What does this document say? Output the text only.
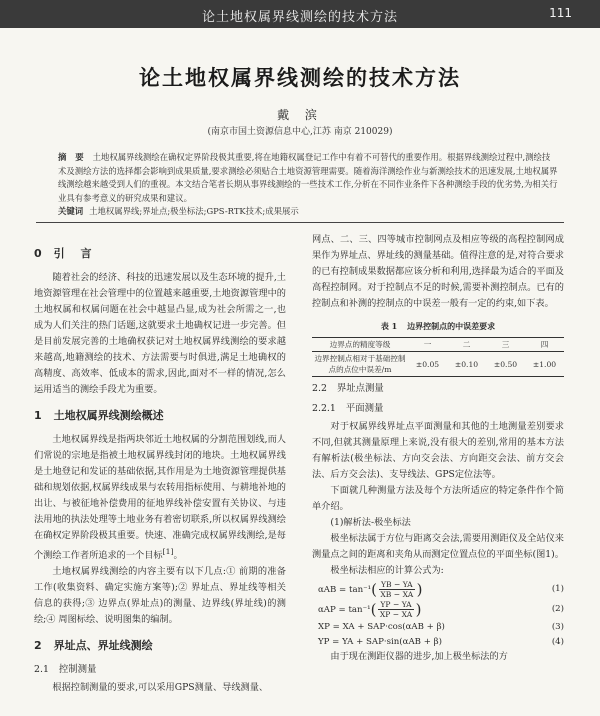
论土地权属界线测绘的技术方法	111
论土地权属界线测绘的技术方法
戴 滨
(南京市国土资源信息中心,江苏 南京 210029)
摘 要 土地权属界线测绘在确权定界阶段极其重要,将在地籍权属登记工作中有着不可替代的重要作用。根据界线测绘过程中,测绘技术及测绘方法的选择都会影响到成果质量,要求测绘必须贴合土地资源管理需要。随着海洋测绘作业与新测绘技术的迅速发展,土地权属界线测绘越来越受到人们的重视。本文结合笔者长期从事界线测绘的一些技术工作,分析在不同作业条件下各种测绘手段的优劣势,为相关行业具有参考意义的研究成果和建议。
关键词 土地权属界线;界址点;极坐标法;GPS-RTK技术;成果展示
0 引 言

随着社会的经济、科技的迅速发展以及生态环境的提升,土地资源管理在社会管理中的位置越来越重要,土地资源管理中的土地权属和权属问题在社会中越显凸显,成为社会所需之一,也成为人们关注的热门话题,这就要求土地确权记进一步完善。但是目前发展完善的土地确权获记对土地权属界线测绘的要求越来越高,地籍测绘的技术、方法需要与时俱进,满足土地确权的高精度、高效率、低成本的需求,因此,面对不一样的情况,怎么运用适当的测绘手段尤为重要。

1 土地权属界线测绘概述

土地权属界线是指两块邻近土地权属的分割范围划线,而人们常说的宗地是指被土地权属界线封闭的地块。土地权属界线是土地登记和发证的基础依据,其作用是为土地资源管理提供基础和规划依据,权属界线成果与农转用指标使用、与耕地补地的出让、与被征地补偿费用的征地界线补偿安置有关协议、与违法用地的执法处理等土地业务有着密切联系,所以权属界线测绘在确权定界阶段极其重要。快速、准确完成权属界线测绘,是每个测绘工作者所追求的一个目标[1]。

土地权属界线测绘的内容主要有以下几点:① 前期的准备工作(收集资料、确定实施方案等);② 界址点、界址线等相关信息的获得;③ 边界点(界址点)的测量、边界线(界址线)的测绘;④ 周图标绘、说明图集的编制。

2 界址点、界址线测绘
2.1 控制测量

根据控制测量的要求,可以采用GPS测量、导线测量、

网点、二、三、四等城市控制网点及相应等级的高程控制网成果作为界址点、界址线的测量基础。值得注意的是,对符合要求的已有控制成果数据都应该分析和利用,选择最为适合的平面及高程控制网。对于控制点不足的时候,需要补测控制点。已有的控制点和补测的控制点的中误差一般有一定的约束,如下表。

表 1 边界控制点的中误差要求
边界点的精度等级	一	二	三	四
边界控制点相对于基础控制点的点位中误差/m	±0.05	±0.10	±0.50	±1.00
2.2 界址点测量
2.2.1 平面测量

对于权属界线界址点平面测量和其他的土地测量差别要求不同,但就其测量原理上来说,没有很大的差别,常用的基本方法有解析法(极坐标法、方向交会法、方向距交会法、前方交会法、后方交会法)、支导线法、GPS定位法等。

下面就几种测量方法及每个方法所适应的特定条件作个简单介绍。

(1)解析法-极坐标法

极坐标法属于方位与距离交会法,需要用测距仪及全站仪来测量点之间的距离和夹角从而测定位置点位的平面坐标(图1)。

极坐标法相应的计算公式为:

$\alpha AB = \tan^{-1}( \frac{YB - YA}{XB - XA}$ )	(1)
$\alpha AP = \tan^{-1}( \frac{YP - YA}{XP - XA}$ )	(2)
XP = XA + SAP·cos(αAB + β)	(3)
YP = YA + SAP·sin(αAB + β)	(4)

由于现在测距仪器的进步,加上极坐标法的方
